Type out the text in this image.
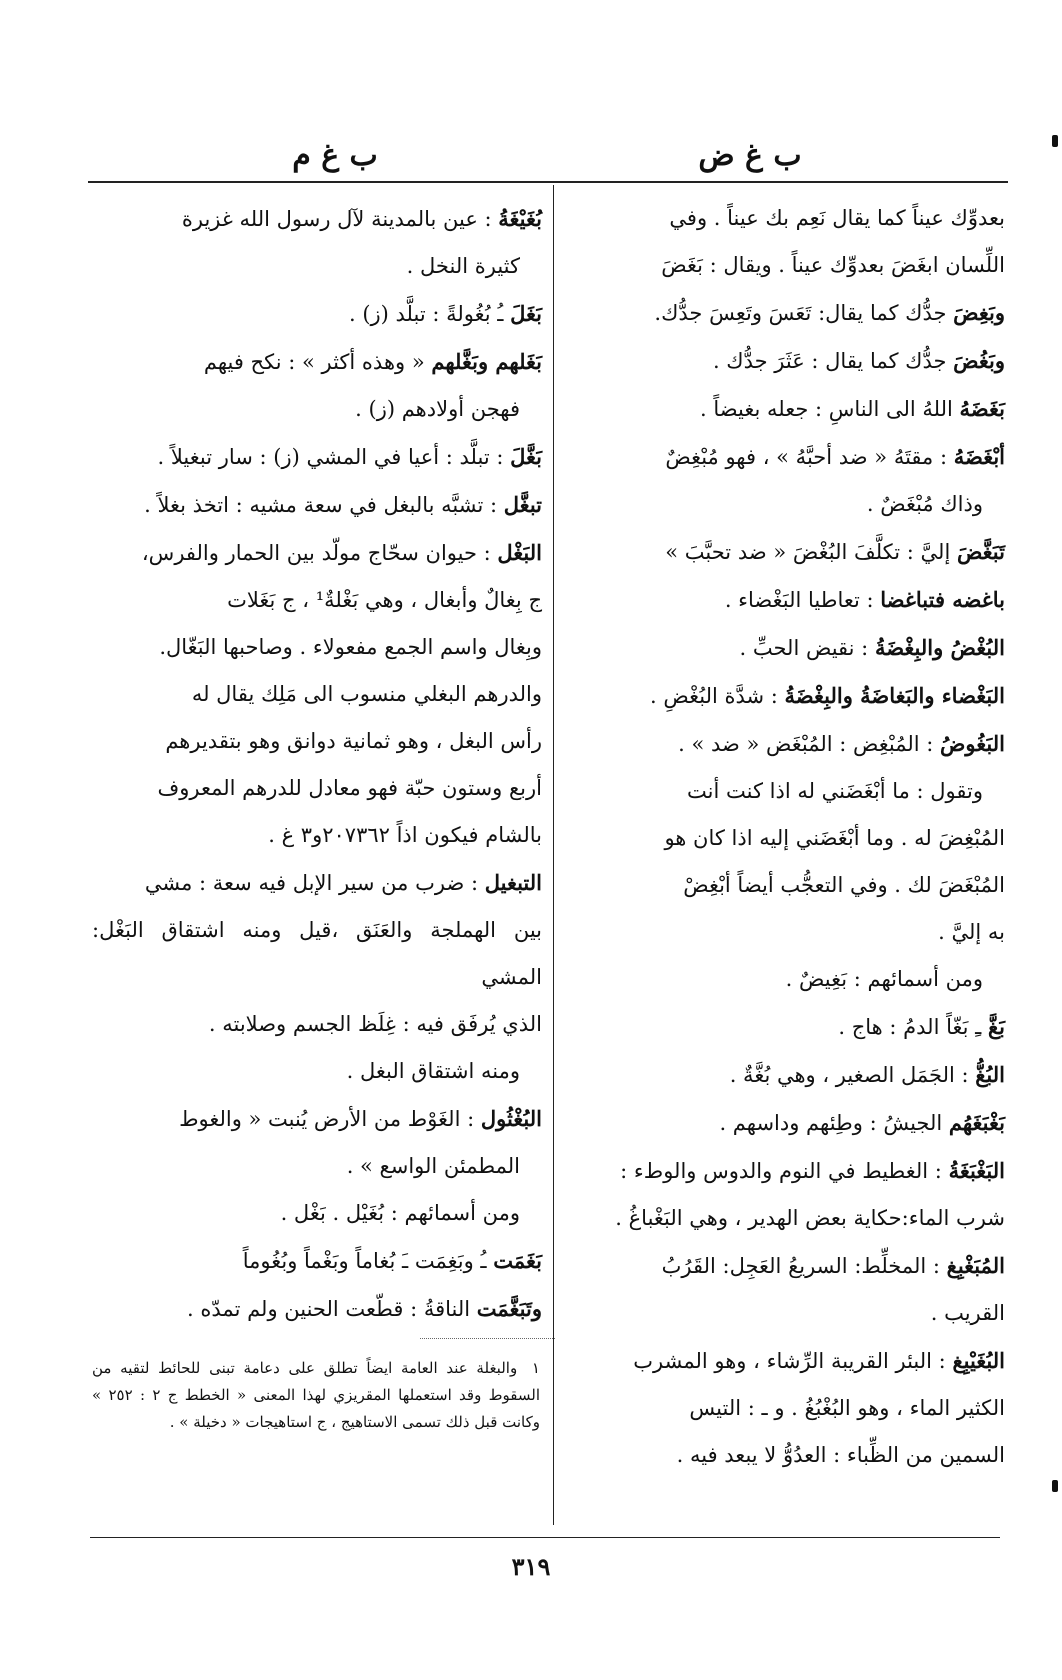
ب غ ض
ب غ م
بعدوِّك عيناً كما يقال نَعِم بك عيناً . وفي
اللِّسان ابغَضَ بعدوِّك عيناً . ويقال : بَغَضَ
وبَغِضَ جدُّك كما يقال: تَعَسَ وتَعِسَ جدُّك.
وبَغُضَ جدُّك كما يقال : عَثَرَ جدُّك .
بَغَضَهُ اللهُ الى الناسِ : جعله بغيضاً .
أبْغَضَهُ : مقتَهُ « ضد أحبَّهُ » ، فهو مُبْغِضٌ
وذاك مُبْغَضٌ .
تَبَغَّضَ إليَّ : تكلَّفَ البُغْضَ « ضد تحبَّبَ »
باغضه فتباغضا : تعاطيا البَغْضاء .
البُغْضُ والبِغْضَةُ : نقيض الحبِّ .
البَغْضاء والبَغاضَةُ والبِغْضَةُ : شدَّة البُغْضِ .
البَغُوضُ : المُبْغِض : المُبْغَض « ضد » .
وتقول : ما أبْغَضَني له اذا كنت أنت
المُبْغِضَ له . وما أبْغَضَني إليه اذا كان هو
المُبْغَضَ لك . وفي التعجُّب أيضاً أبْغِضْ
به إليَّ .
ومن أسمائهم : بَغِيضٌ .
بَغَّ ـِ بَغّاً الدمُ : هاج .
البُغُّ : الجَمَل الصغير ، وهي بُغَّةٌ .
بَغْبَغَهُم الجيشُ : وطِئهم وداسهم .
البَغْبَغَةُ : الغطيط في النوم والدوس والوطء :
شرب الماء:حكاية بعض الهدير ، وهي البَغْباغُ .
المُبَغْبِغ : المخلِّط: السريعُ العَجِل: القَرُبُ
القريب .
البُغَيْبِغ : البئر القريبة الرِّشاء ، وهو المشرب
الكثير الماء ، وهو البُغْبُغُ . و ـ : التيس
السمين من الظِّباء : العدُوُّ لا يبعد فيه .
بُغَيْغَةُ : عين بالمدينة لآل رسول الله غزيرة
كثيرة النخل .
بَغَلَ ـُ بُغُولةً : تبلَّد (ز) .
بَغَلهم وبَغَّلهم « وهذه أكثر » : نكح فيهم
فهجن أولادهم (ز) .
بَغَّلَ : تبلَّد : أعيا في المشي (ز) : سار تبغيلاً .
تبغَّل : تشبَّه بالبغل في سعة مشيه : اتخذ بغلاً .
البَغْل : حيوان سحّاج مولّد بين الحمار والفرس،
ج بِغالٌ وأبغال ، وهي بَغْلةٌ¹ ، ج بَغَلات
وبِغال واسم الجمع مفعولاء . وصاحبها البَغّال.
والدرهم البغلي منسوب الى مَلِك يقال له
رأس البغل ، وهو ثمانية دوانق وهو بتقديرهم
أربع وستون حبّة فهو معادل للدرهم المعروف
بالشام فيكون اذاً ٢٠٧٣٦٢و٣ غ .
التبغيل : ضرب من سير الإبل فيه سعة : مشي
بين الهملجة والعَنَق ،قيل ومنه اشتقاق البَغْل: المشي
الذي يُرفَق فيه : غِلَظ الجسم وصلابته .
ومنه اشتقاق البغل .
البُغْثُول : الغَوْط من الأرض يُنبت « والغوط
المطمئن الواسع » .
ومن أسمائهم : بُغَيْل . بَغْل .
بَغَمَت ـُ وبَغِمَت ـَ بُغاماً وبَغْماً وبُغُوماً
وتَبَغَّمَت الناقةُ : قطّعت الحنين ولم تمدّه .
١ والبغلة عند العامة ايضاً تطلق على دعامة تبنى للحائط لتقيه من السقوط وقد استعملها المقريزي لهذا المعنى « الخطط ج ٢ : ٢٥٢ » وكانت قبل ذلك تسمى الاستاهيج ، ج استاهيجات « دخيلة » .
٣١٩
